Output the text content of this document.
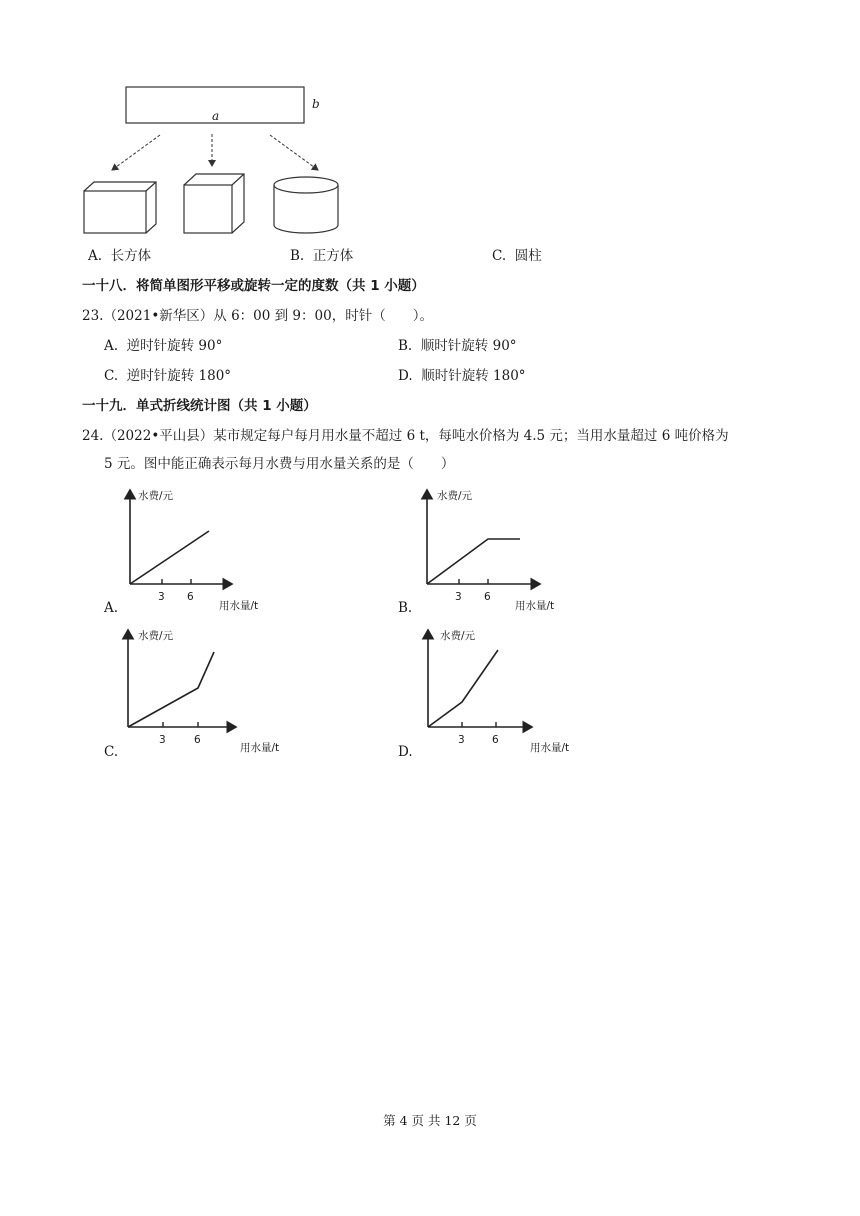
a
b
A. 长方体	B. 正方体	C. 圆柱
一十八．将简单图形平移或旋转一定的度数（共 1 小题）
23.（2021•新华区）从 6：00 到 9：00，时针（　　）。
A. 逆时针旋转 90°	B. 顺时针旋转 90°
C. 逆时针旋转 180°	D. 顺时针旋转 180°
一十九．单式折线统计图（共 1 小题）
24.（2022•平山县）某市规定每户每月用水量不超过 6 t，每吨水价格为 4.5 元；当用水量超过 6 吨价格为
5 元。图中能正确表示每月水费与用水量关系的是（　　）
水费/元
用水量/t
3 6
水费/元
用水量/t
3 6
水费/元
用水量/t
3	6
水费/元
用水量/t
3	6
A.	B.
C.	D.
第 4 页 共 12 页
